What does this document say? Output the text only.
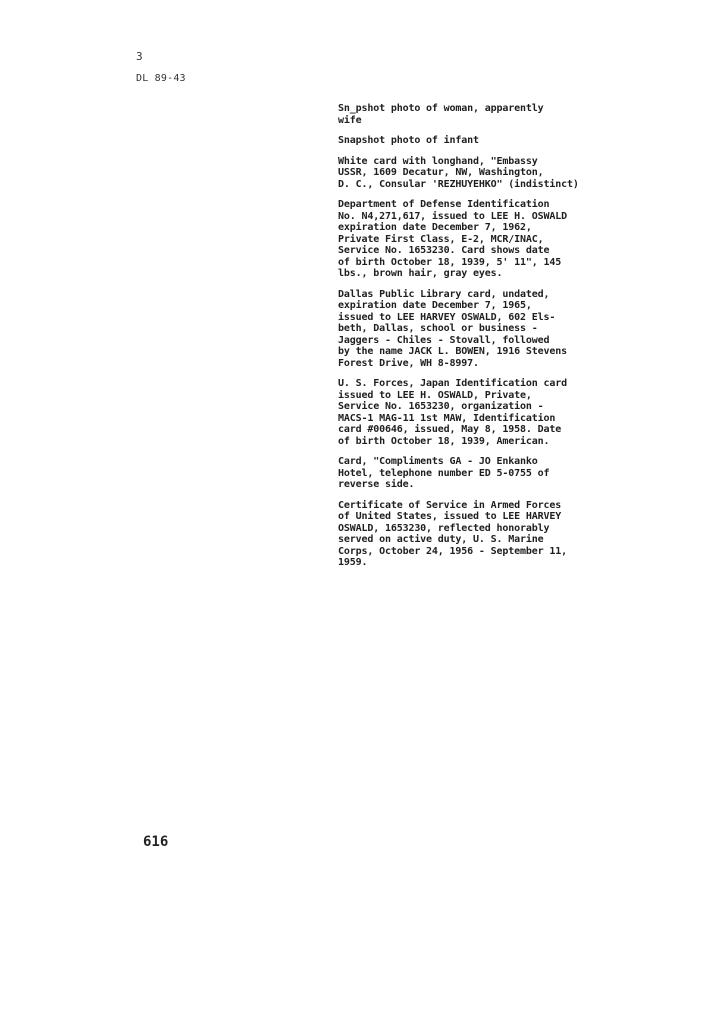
3
DL 89-43
Sn_pshot photo of woman, apparently
wife
Snapshot photo of infant
White card with longhand, "Embassy
USSR, 1609 Decatur, NW, Washington,
D. C., Consular 'REZHUYEHKO" (indistinct)
Department of Defense Identification
No. N4,271,617, issued to LEE H. OSWALD
expiration date December 7, 1962,
Private First Class, E-2, MCR/INAC,
Service No. 1653230. Card shows date
of birth October 18, 1939, 5' 11", 145
lbs., brown hair, gray eyes.
Dallas Public Library card, undated,
expiration date December 7, 1965,
issued to LEE HARVEY OSWALD, 602 Els-
beth, Dallas, school or business -
Jaggers - Chiles - Stovall, followed
by the name JACK L. BOWEN, 1916 Stevens
Forest Drive, WH 8-8997.
U. S. Forces, Japan Identification card
issued to LEE H. OSWALD, Private,
Service No. 1653230, organization -
MACS-1 MAG-11 1st MAW, Identification
card #00646, issued, May 8, 1958. Date
of birth October 18, 1939, American.
Card, "Compliments GA - JO Enkanko
Hotel, telephone number ED 5-0755 of
reverse side.
Certificate of Service in Armed Forces
of United States, issued to LEE HARVEY
OSWALD, 1653230, reflected honorably
served on active duty, U. S. Marine
Corps, October 24, 1956 - September 11,
1959.
616
